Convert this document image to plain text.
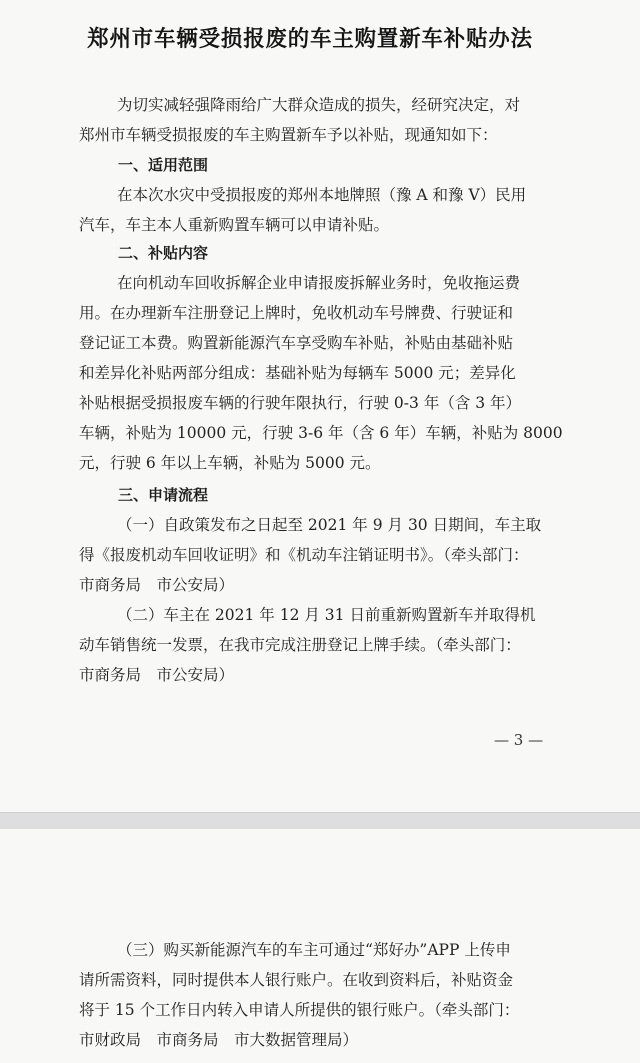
郑州市车辆受损报废的车主购置新车补贴办法
为切实减轻强降雨给广大群众造成的损失，经研究决定，对
郑州市车辆受损报废的车主购置新车予以补贴，现通知如下：
一、适用范围
在本次水灾中受损报废的郑州本地牌照（豫 A 和豫 V）民用
汽车，车主本人重新购置车辆可以申请补贴。
二、补贴内容
在向机动车回收拆解企业申请报废拆解业务时，免收拖运费
用。在办理新车注册登记上牌时，免收机动车号牌费、行驶证和
登记证工本费。购置新能源汽车享受购车补贴，补贴由基础补贴
和差异化补贴两部分组成：基础补贴为每辆车 5000 元；差异化
补贴根据受损报废车辆的行驶年限执行，行驶 0-3 年（含 3 年）
车辆，补贴为 10000 元，行驶 3-6 年（含 6 年）车辆，补贴为 8000
元，行驶 6 年以上车辆，补贴为 5000 元。
三、申请流程
（一）自政策发布之日起至 2021 年 9 月 30 日期间，车主取
得《报废机动车回收证明》和《机动车注销证明书》。（牵头部门：
市商务局　市公安局）
（二）车主在 2021 年 12 月 31 日前重新购置新车并取得机
动车销售统一发票，在我市完成注册登记上牌手续。（牵头部门：
市商务局　市公安局）
— 3 —
（三）购买新能源汽车的车主可通过“郑好办”APP 上传申
请所需资料，同时提供本人银行账户。在收到资料后，补贴资金
将于 15 个工作日内转入申请人所提供的银行账户。（牵头部门：
市财政局　市商务局　市大数据管理局）
